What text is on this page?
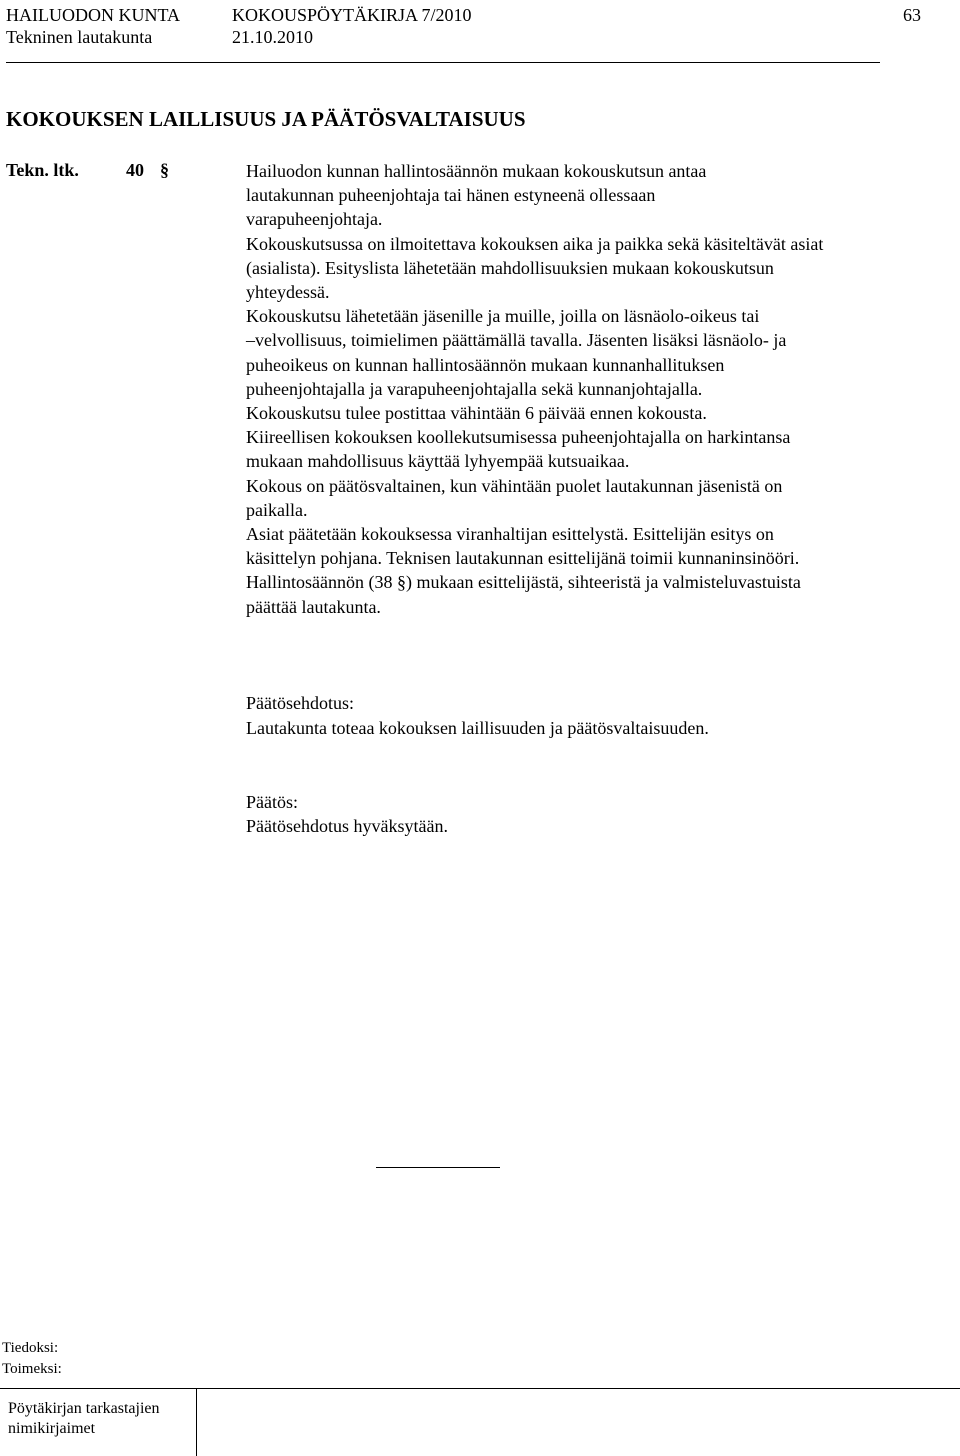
HAILUODON KUNTA	KOKOUSPÖYTÄKIRJA 7/2010	63
Tekninen lautakunta	21.10.2010
KOKOUKSEN LAILLISUUS JA PÄÄTÖSVALTAISUUS
Tekn. ltk.	40 §	Hailuodon kunnan hallintosäännön mukaan kokouskutsun antaa

lautakunnan puheenjohtaja tai hänen estyneenä ollessaan

varapuheenjohtaja.

Kokouskutsussa on ilmoitettava kokouksen aika ja paikka sekä käsiteltävät asiat

(asialista). Esityslista lähetetään mahdollisuuksien mukaan kokouskutsun

yhteydessä.

Kokouskutsu lähetetään jäsenille ja muille, joilla on läsnäolo-oikeus tai

–velvollisuus, toimielimen päättämällä tavalla. Jäsenten lisäksi läsnäolo- ja

puheoikeus on kunnan hallintosäännön mukaan kunnanhallituksen

puheenjohtajalla ja varapuheenjohtajalla sekä kunnanjohtajalla.

Kokouskutsu tulee postittaa vähintään 6 päivää ennen kokousta.

Kiireellisen kokouksen koollekutsumisessa puheenjohtajalla on harkintansa

mukaan mahdollisuus käyttää lyhyempää kutsuaikaa.

Kokous on päätösvaltainen, kun vähintään puolet lautakunnan jäsenistä on

paikalla.

Asiat päätetään kokouksessa viranhaltijan esittelystä. Esittelijän esitys on

käsittelyn pohjana. Teknisen lautakunnan esittelijänä toimii kunnaninsinööri.

Hallintosäännön (38 §) mukaan esittelijästä, sihteeristä ja valmisteluvastuista

päättää lautakunta.

Päätösehdotus:
Lautakunta toteaa kokouksen laillisuuden ja päätösvaltaisuuden.
Päätös:
Päätösehdotus hyväksytään.
Tiedoksi:
Toimeksi:
Pöytäkirjan tarkastajien
nimikirjaimet
